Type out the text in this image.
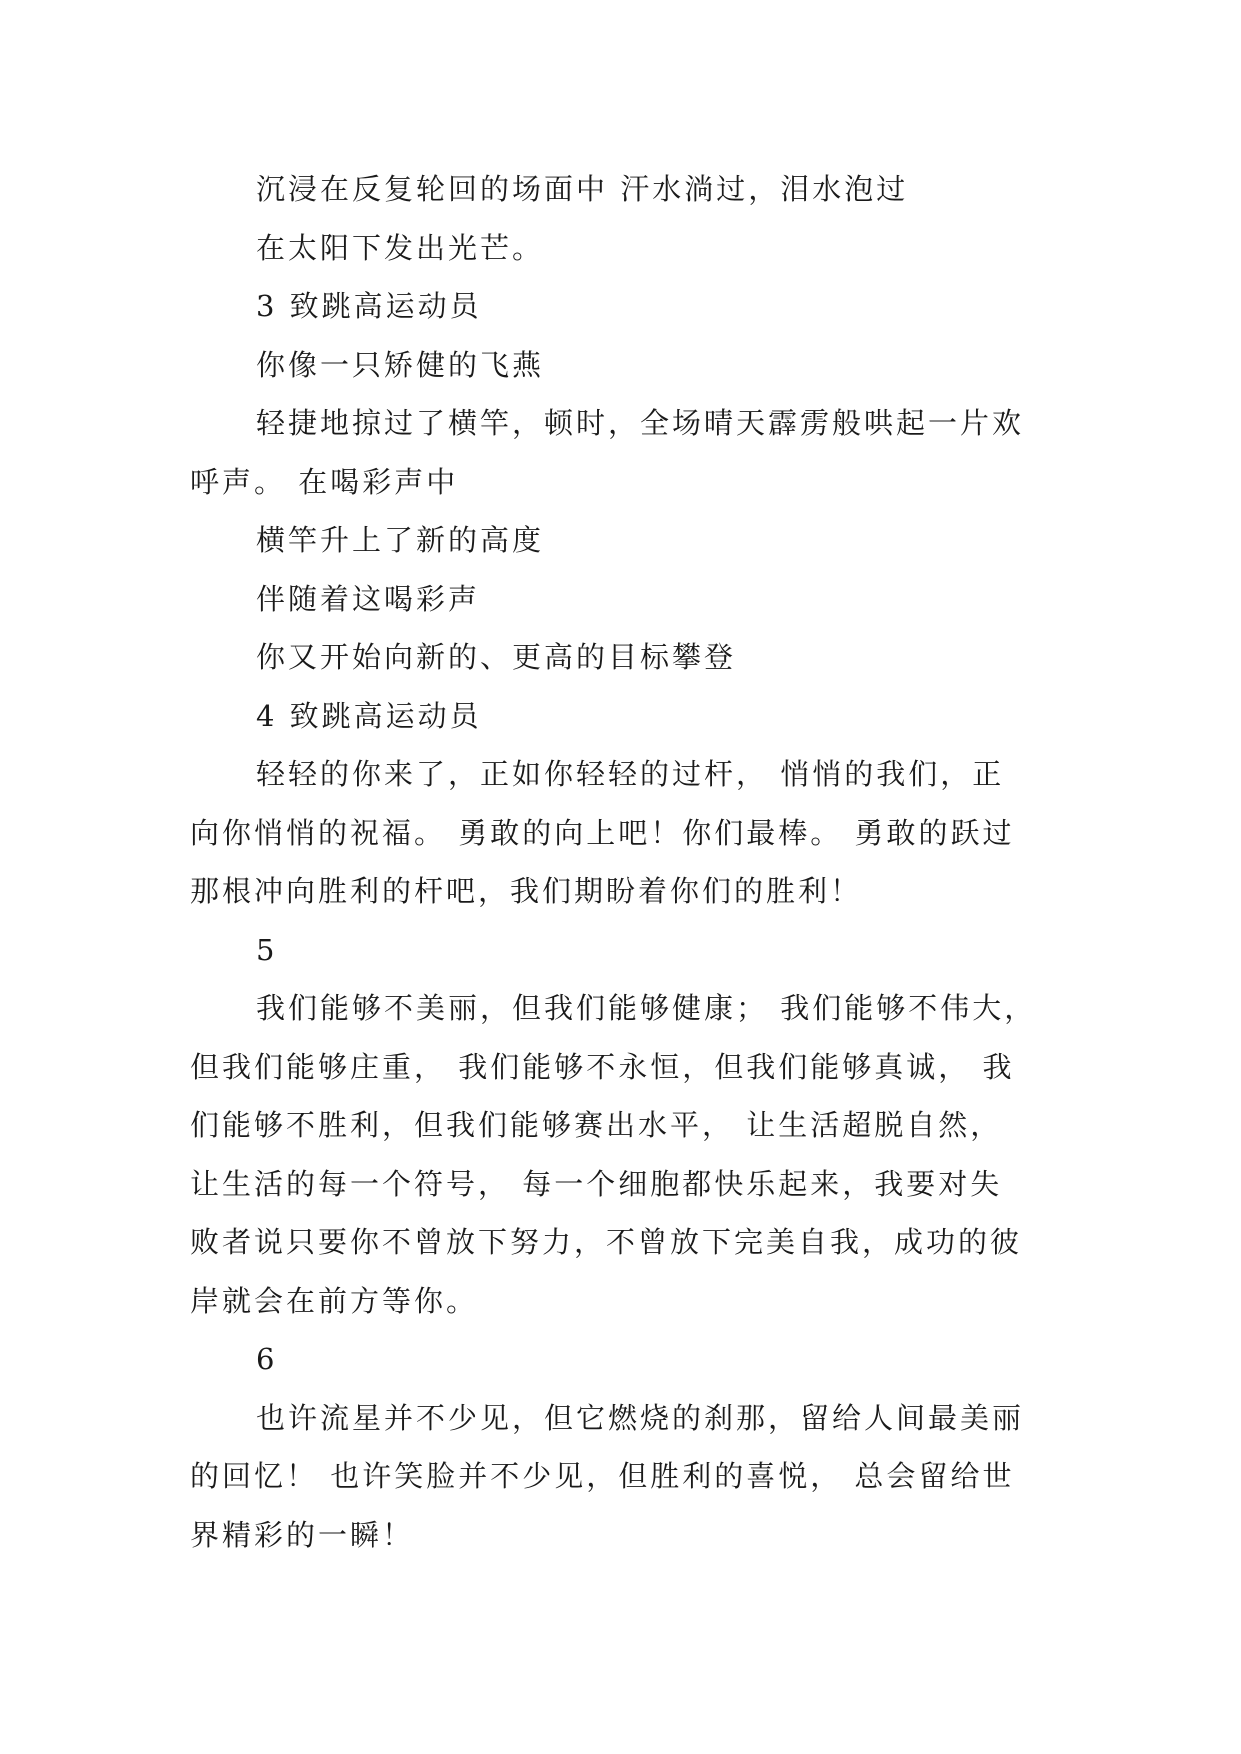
沉浸在反复轮回的场面中 汗水淌过，泪水泡过
在太阳下发出光芒。
3 致跳高运动员
你像一只矫健的飞燕
轻捷地掠过了横竿，顿时，全场晴天霹雳般哄起一片欢
呼声。 在喝彩声中
横竿升上了新的高度
伴随着这喝彩声
你又开始向新的、更高的目标攀登
4 致跳高运动员
轻轻的你来了，正如你轻轻的过杆， 悄悄的我们，正
向你悄悄的祝福。 勇敢的向上吧！你们最棒。 勇敢的跃过
那根冲向胜利的杆吧，我们期盼着你们的胜利！
5
我们能够不美丽，但我们能够健康； 我们能够不伟大，
但我们能够庄重， 我们能够不永恒，但我们能够真诚， 我
们能够不胜利，但我们能够赛出水平， 让生活超脱自然，
让生活的每一个符号， 每一个细胞都快乐起来，我要对失
败者说只要你不曾放下努力，不曾放下完美自我，成功的彼
岸就会在前方等你。
6
也许流星并不少见，但它燃烧的刹那，留给人间最美丽
的回忆！ 也许笑脸并不少见，但胜利的喜悦， 总会留给世
界精彩的一瞬！
